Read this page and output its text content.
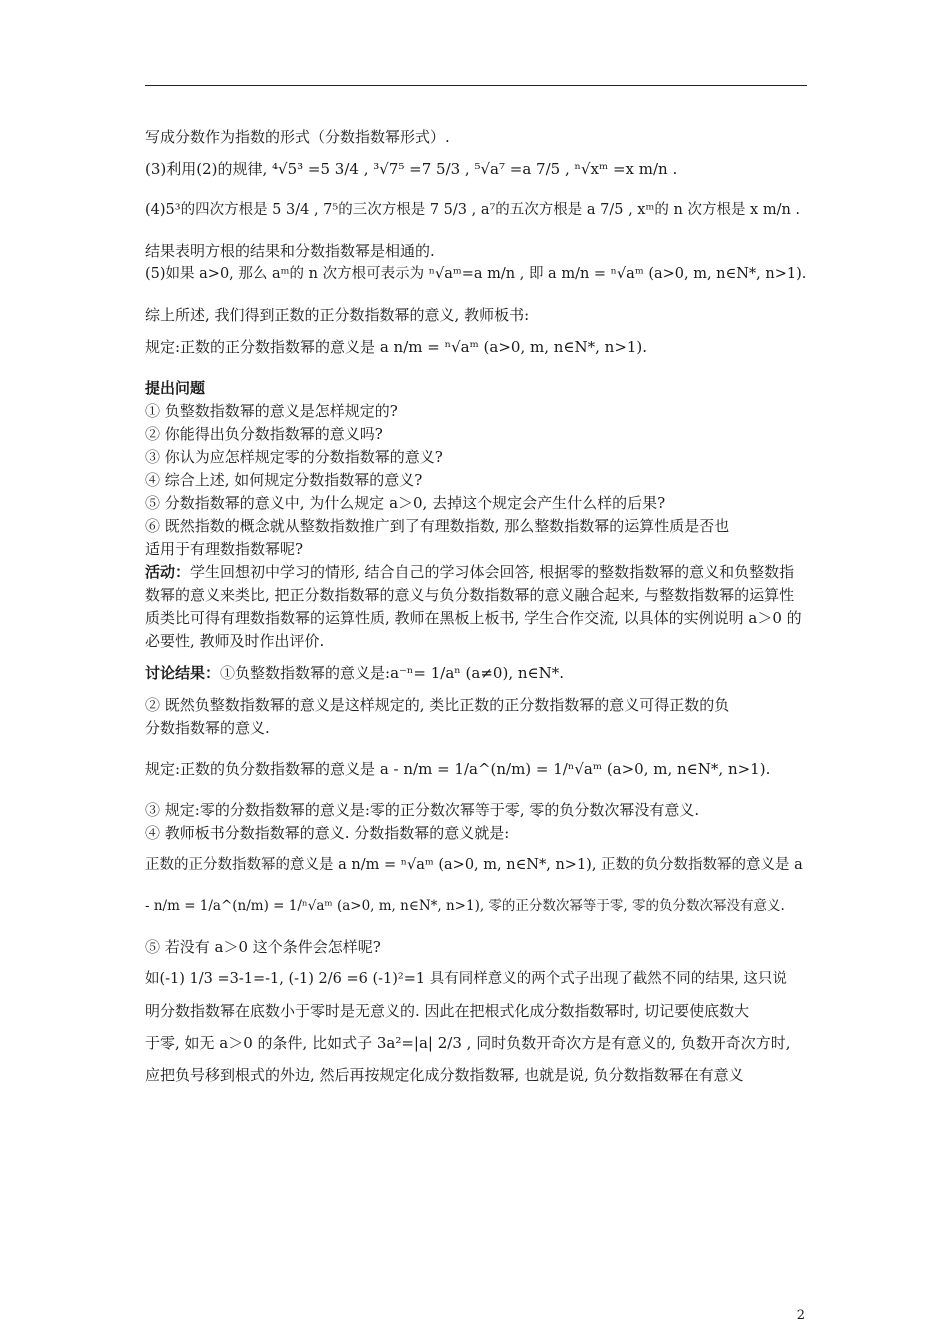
写成分数作为指数的形式（分数指数幂形式）.

(3)利用(2)的规律, ⁴√5³ =5 3/4 , ³√7⁵ =7 5/3 , ⁵√a⁷ =a 7/5 , ⁿ√xᵐ =x m/n .

(4)5³的四次方根是 5 3/4 , 7⁵的三次方根是 7 5/3 , a⁷的五次方根是 a 7/5 , xᵐ的 n 次方根是 x m/n .

结果表明方根的结果和分数指数幂是相通的.

(5)如果 a>0, 那么 aᵐ的 n 次方根可表示为 ⁿ√aᵐ=a m/n , 即 a m/n = ⁿ√aᵐ (a>0, m, n∈N*, n>1).

综上所述, 我们得到正数的正分数指数幂的意义, 教师板书:

规定:正数的正分数指数幂的意义是 a n/m = ⁿ√aᵐ (a>0, m, n∈N*, n>1).

提出问题

① 负整数指数幂的意义是怎样规定的?

② 你能得出负分数指数幂的意义吗?

③ 你认为应怎样规定零的分数指数幂的意义?

④ 综合上述, 如何规定分数指数幂的意义?

⑤ 分数指数幂的意义中, 为什么规定 a＞0, 去掉这个规定会产生什么样的后果?

⑥ 既然指数的概念就从整数指数推广到了有理数指数, 那么整数指数幂的运算性质是否也

适用于有理数指数幂呢?

活动：学生回想初中学习的情形, 结合自己的学习体会回答, 根据零的整数指数幂的意义和负整数指数幂的意义来类比, 把正分数指数幂的意义与负分数指数幂的意义融合起来, 与整数指数幂的运算性质类比可得有理数指数幂的运算性质, 教师在黑板上板书, 学生合作交流, 以具体的实例说明 a＞0 的必要性, 教师及时作出评价.

讨论结果：①负整数指数幂的意义是:a⁻ⁿ= 1/aⁿ (a≠0), n∈N*.

② 既然负整数指数幂的意义是这样规定的, 类比正数的正分数指数幂的意义可得正数的负

分数指数幂的意义.

规定:正数的负分数指数幂的意义是 a - n/m = 1/a^(n/m) = 1/ⁿ√aᵐ (a>0, m, n∈N*, n>1).

③ 规定:零的分数指数幂的意义是:零的正分数次幂等于零, 零的负分数次幂没有意义.

④ 教师板书分数指数幂的意义. 分数指数幂的意义就是:

正数的正分数指数幂的意义是 a n/m = ⁿ√aᵐ (a>0, m, n∈N*, n>1), 正数的负分数指数幂的意义是 a

- n/m = 1/a^(n/m) = 1/ⁿ√aᵐ (a>0, m, n∈N*, n>1), 零的正分数次幂等于零, 零的负分数次幂没有意义.

⑤ 若没有 a＞0 这个条件会怎样呢?

如(-1) 1/3 =3-1=-1, (-1) 2/6 =6 (-1)²=1 具有同样意义的两个式子出现了截然不同的结果, 这只说

明分数指数幂在底数小于零时是无意义的. 因此在把根式化成分数指数幂时, 切记要使底数大

于零, 如无 a＞0 的条件, 比如式子 3a²=|a| 2/3 , 同时负数开奇次方是有意义的, 负数开奇次方时,

应把负号移到根式的外边, 然后再按规定化成分数指数幂, 也就是说, 负分数指数幂在有意义

2
